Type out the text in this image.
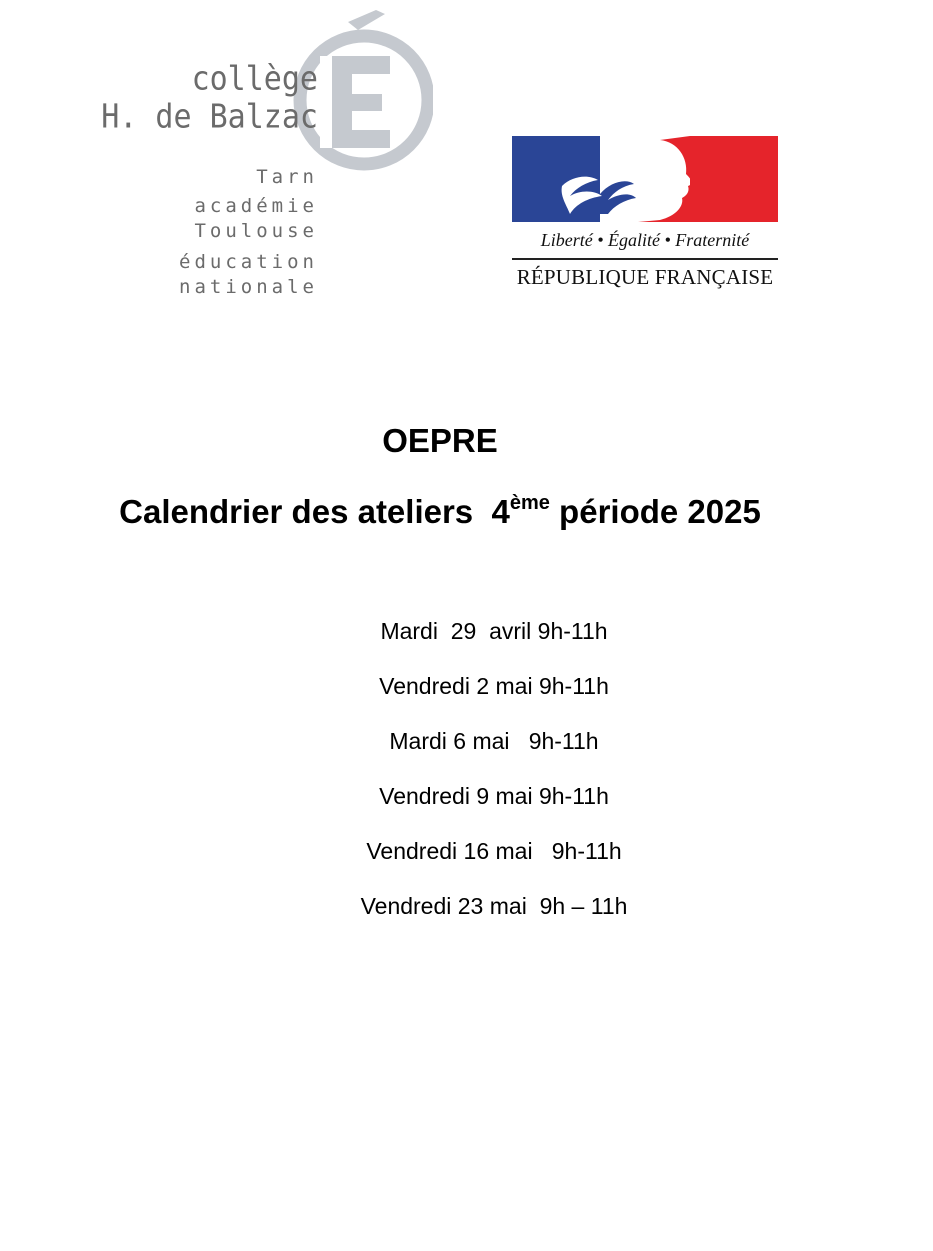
collège
H. de Balzac
Tarn
académie
Toulouse
éducation
nationale
Liberté • Égalité • Fraternité
RÉPUBLIQUE FRANÇAISE
OEPRE
Calendrier des ateliers  4ème période 2025
Mardi  29  avril 9h-11h
Vendredi 2 mai 9h-11h
Mardi 6 mai   9h-11h
Vendredi 9 mai 9h-11h
Vendredi 16 mai   9h-11h
Vendredi 23 mai  9h – 11h
